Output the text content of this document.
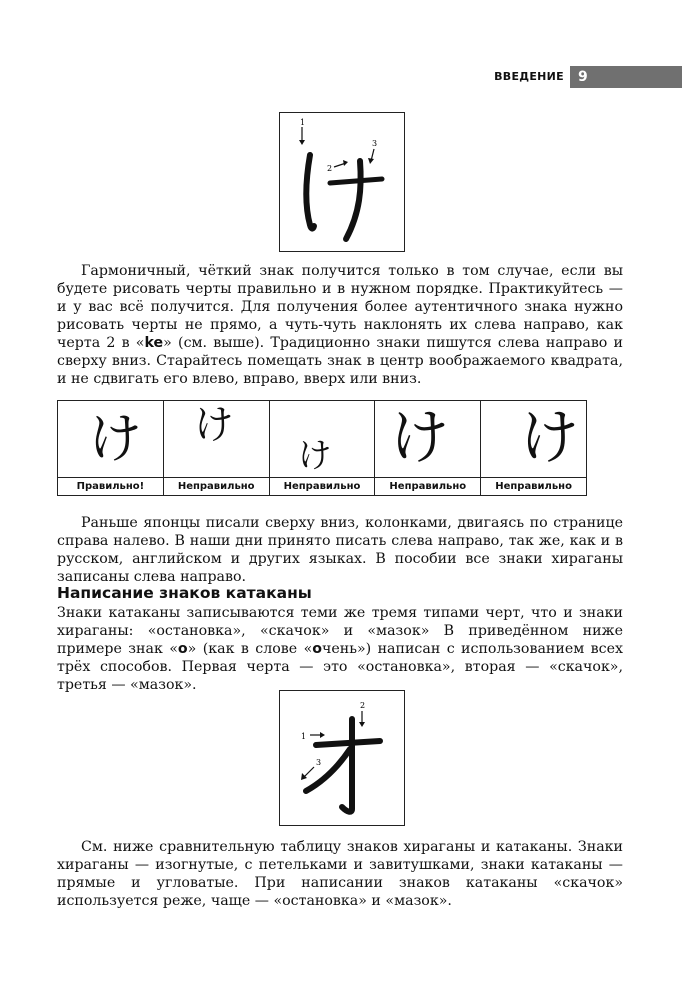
ВВЕДЕНИЕ 9
1
2
3

Гармоничный, чёткий знак получится только в том случае, если вы будете рисовать черты правильно и в нужном порядке. Практикуйтесь — и у вас всё получится. Для получения более аутентичного знака нужно рисовать черты не прямо, а чуть-чуть наклонять их слева направо, как черта 2 в «ke» (см. выше). Традиционно знаки пишутся слева направо и сверху вниз. Старайтесь помещать знак в центр воображаемого квадрата, и не сдвигать его влево, вправо, вверх или вниз.

け
Правильно!
け
Неправильно
け
Неправильно
け
Неправильно
け
Неправильно

Раньше японцы писали сверху вниз, колонками, двигаясь по странице справа налево. В наши дни принято писать слева направо, так же, как и в русском, английском и других языках. В пособии все знаки хираганы записаны слева направо.

Написание знаков катаканы

Знаки катаканы записываются теми же тремя типами черт, что и знаки хираганы: «остановка», «скачок» и «мазок» В приведённом ниже примере знак «o» (как в слове «oчень») написан с использованием всех трёх способов. Первая черта — это «остановка», вторая — «скачок», третья — «мазок».

1
2
3

См. ниже сравнительную таблицу знаков хираганы и катаканы. Знаки хираганы — изогнутые, с петельками и завитушками, знаки катаканы — прямые и угловатые. При написании знаков катаканы «скачок» используется реже, чаще — «остановка» и «мазок».
